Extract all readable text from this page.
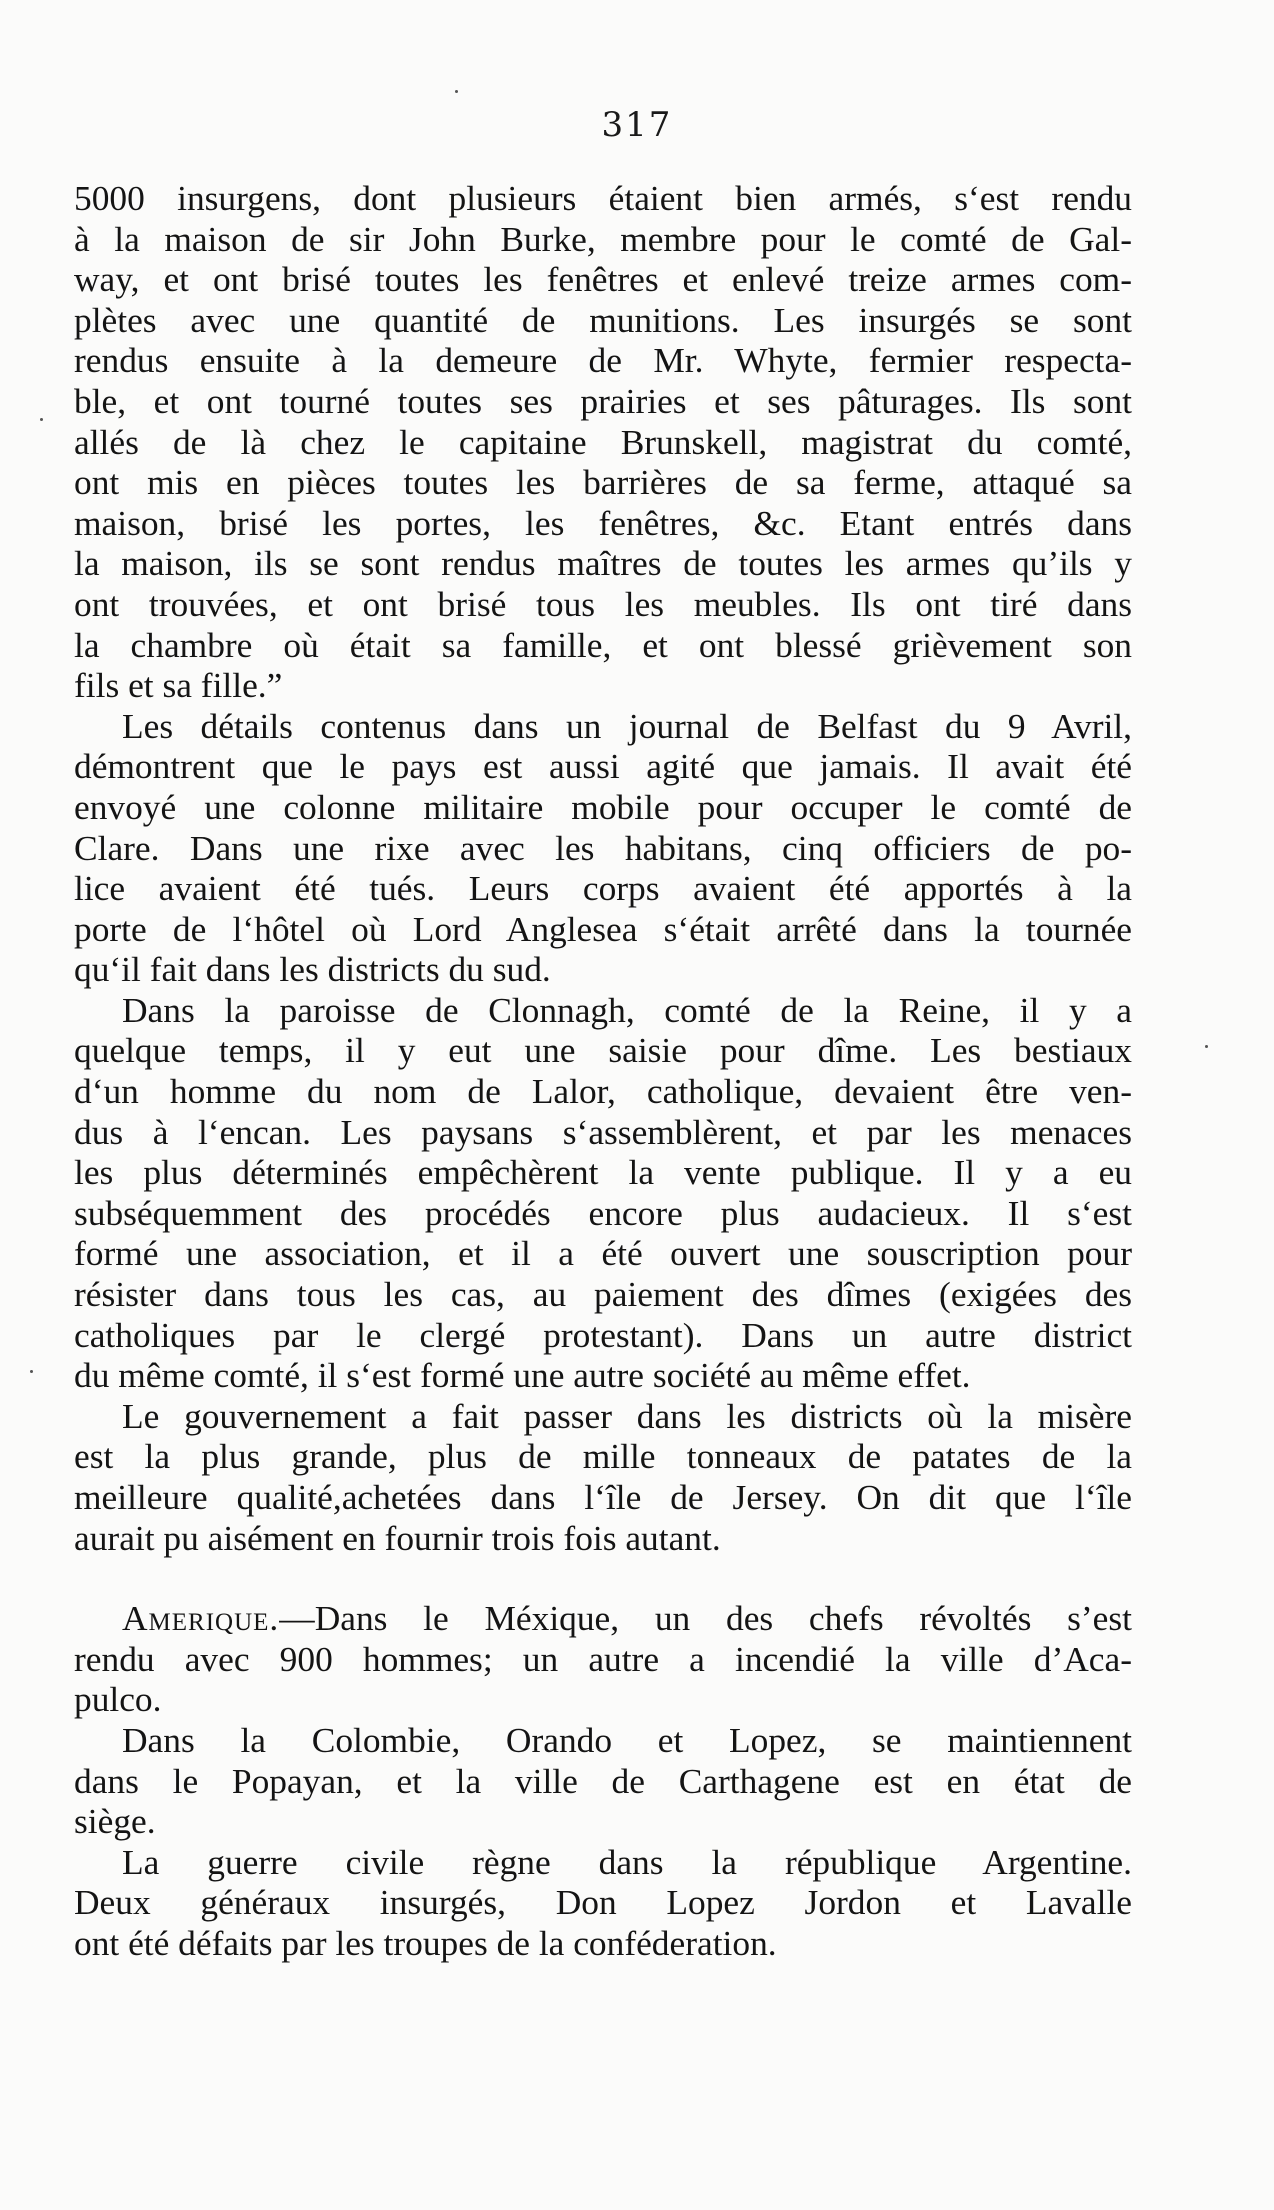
317

5000 insurgens, dont plusieurs étaient bien armés, s‘est rendu
à la maison de sir John Burke, membre pour le comté de Gal-
way, et ont brisé toutes les fenêtres et enlevé treize armes com-
plètes avec une quantité de munitions. Les insurgés se sont
rendus ensuite à la demeure de Mr. Whyte, fermier respecta-
ble, et ont tourné toutes ses prairies et ses pâturages. Ils sont
allés de là chez le capitaine Brunskell, magistrat du comté,
ont mis en pièces toutes les barrières de sa ferme, attaqué sa
maison, brisé les portes, les fenêtres, &c. Etant entrés dans
la maison, ils se sont rendus maîtres de toutes les armes qu’ils y
ont trouvées, et ont brisé tous les meubles. Ils ont tiré dans
la chambre où était sa famille, et ont blessé grièvement son
fils et sa fille.”

Les détails contenus dans un journal de Belfast du 9 Avril,
démontrent que le pays est aussi agité que jamais. Il avait été
envoyé une colonne militaire mobile pour occuper le comté de
Clare. Dans une rixe avec les habitans, cinq officiers de po-
lice avaient été tués. Leurs corps avaient été apportés à la
porte de l‘hôtel où Lord Anglesea s‘était arrêté dans la tournée
qu‘il fait dans les districts du sud.

Dans la paroisse de Clonnagh, comté de la Reine, il y a
quelque temps, il y eut une saisie pour dîme. Les bestiaux
d‘un homme du nom de Lalor, catholique, devaient être ven-
dus à l‘encan. Les paysans s‘assemblèrent, et par les menaces
les plus déterminés empêchèrent la vente publique. Il y a eu
subséquemment des procédés encore plus audacieux. Il s‘est
formé une association, et il a été ouvert une souscription pour
résister dans tous les cas, au paiement des dîmes (exigées des
catholiques par le clergé protestant). Dans un autre district
du même comté, il s‘est formé une autre société au même effet.

Le gouvernement a fait passer dans les districts où la misère
est la plus grande, plus de mille tonneaux de patates de la
meilleure qualité,achetées dans l‘île de Jersey. On dit que l‘île
aurait pu aisément en fournir trois fois autant.

Amerique.—Dans le Méxique, un des chefs révoltés s’est
rendu avec 900 hommes; un autre a incendié la ville d’Aca-
pulco.

Dans la Colombie, Orando et Lopez, se maintiennent
dans le Popayan, et la ville de Carthagene est en état de
siège.

La guerre civile règne dans la république Argentine.
Deux généraux insurgés, Don Lopez Jordon et Lavalle
ont été défaits par les troupes de la conféderation.
